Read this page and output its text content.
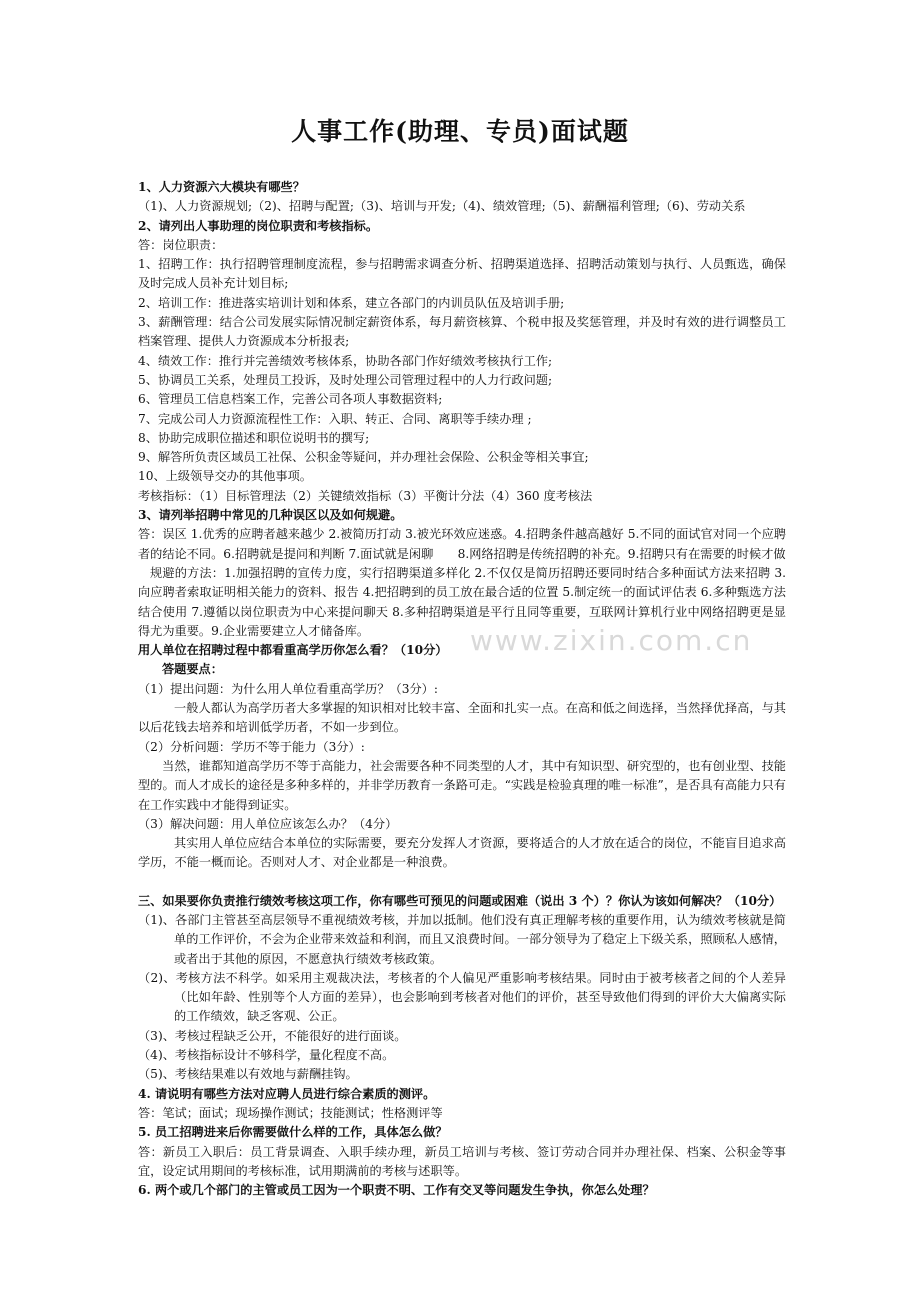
人事工作(助理、专员)面试题
www.zixin.com.cn

1、人力资源六大模块有哪些？

（1)、人力资源规划;（2)、招聘与配置;（3)、培训与开发;（4)、绩效管理;（5)、薪酬福利管理;（6)、劳动关系

2、请列出人事助理的岗位职责和考核指标。

答：岗位职责：

1、招聘工作：执行招聘管理制度流程，参与招聘需求调查分析、招聘渠道选择、招聘活动策划与执行、人员甄选，确保及时完成人员补充计划目标;

2、培训工作：推进落实培训计划和体系，建立各部门的内训员队伍及培训手册;

3、薪酬管理：结合公司发展实际情况制定薪资体系，每月薪资核算、个税申报及奖惩管理，并及时有效的进行调整员工档案管理、提供人力资源成本分析报表;

4、绩效工作：推行并完善绩效考核体系，协助各部门作好绩效考核执行工作;

5、协调员工关系，处理员工投诉，及时处理公司管理过程中的人力行政问题;

6、管理员工信息档案工作，完善公司各项人事数据资料;

7、完成公司人力资源流程性工作：入职、转正、合同、离职等手续办理 ;

8、协助完成职位描述和职位说明书的撰写;

9、解答所负责区域员工社保、公积金等疑问，并办理社会保险、公积金等相关事宜;

10、上级领导交办的其他事项。

考核指标：（1）目标管理法（2）关键绩效指标（3）平衡计分法（4）360 度考核法

3、请列举招聘中常见的几种误区以及如何规避。

答：误区 1.优秀的应聘者越来越少 2.被简历打动 3.被光环效应迷惑。4.招聘条件越高越好 5.不同的面试官对同一个应聘者的结论不同。6.招聘就是提问和判断 7.面试就是闲聊　　8.网络招聘是传统招聘的补充。9.招聘只有在需要的时候才做

规避的方法：1.加强招聘的宣传力度，实行招聘渠道多样化 2.不仅仅是简历招聘还要同时结合多种面试方法来招聘 3.向应聘者索取证明相关能力的资料、报告 4.把招聘到的员工放在最合适的位置 5.制定统一的面试评估表 6.多种甄选方法结合使用 7.遵循以岗位职责为中心来提问聊天 8.多种招聘渠道是平行且同等重要，互联网计算机行业中网络招聘更是显得尤为重要。9.企业需要建立人才储备库。

用人单位在招聘过程中都看重高学历你怎么看？（10分）

答题要点：

（1）提出问题：为什么用人单位看重高学历？（3分）:

一般人都认为高学历者大多掌握的知识相对比较丰富、全面和扎实一点。在高和低之间选择，当然择优择高，与其以后花钱去培养和培训低学历者，不如一步到位。

（2）分析问题：学历不等于能力（3分）:

当然，谁都知道高学历不等于高能力，社会需要各种不同类型的人才，其中有知识型、研究型的，也有创业型、技能型的。而人才成长的途径是多种多样的，并非学历教育一条路可走。“实践是检验真理的唯一标准”，是否具有高能力只有在工作实践中才能得到证实。

（3）解决问题：用人单位应该怎么办？（4分）

其实用人单位应结合本单位的实际需要，要充分发挥人才资源，要将适合的人才放在适合的岗位，不能盲目追求高学历，不能一概而论。否则对人才、对企业都是一种浪费。

三、如果要你负责推行绩效考核这项工作，你有哪些可预见的问题或困难（说出 3 个）？你认为该如何解决？（10分）

（1)、各部门主管甚至高层领导不重视绩效考核，并加以抵制。他们没有真正理解考核的重要作用，认为绩效考核就是简单的工作评价，不会为企业带来效益和利润，而且又浪费时间。一部分领导为了稳定上下级关系，照顾私人感情，或者出于其他的原因，不愿意执行绩效考核政策。

（2)、考核方法不科学。如采用主观裁决法，考核者的个人偏见严重影响考核结果。同时由于被考核者之间的个人差异（比如年龄、性别等个人方面的差异），也会影响到考核者对他们的评价，甚至导致他们得到的评价大大偏离实际的工作绩效，缺乏客观、公正。

（3)、考核过程缺乏公开，不能很好的进行面谈。

（4)、考核指标设计不够科学，量化程度不高。

（5)、考核结果难以有效地与薪酬挂钩。

4. 请说明有哪些方法对应聘人员进行综合素质的测评。

答：笔试；面试；现场操作测试；技能测试；性格测评等

5. 员工招聘进来后你需要做什么样的工作，具体怎么做？

答：新员工入职后：员工背景调查、入职手续办理，新员工培训与考核、签订劳动合同并办理社保、档案、公积金等事宜，设定试用期间的考核标准，试用期满前的考核与述职等。

6. 两个或几个部门的主管或员工因为一个职责不明、工作有交叉等问题发生争执，你怎么处理？
